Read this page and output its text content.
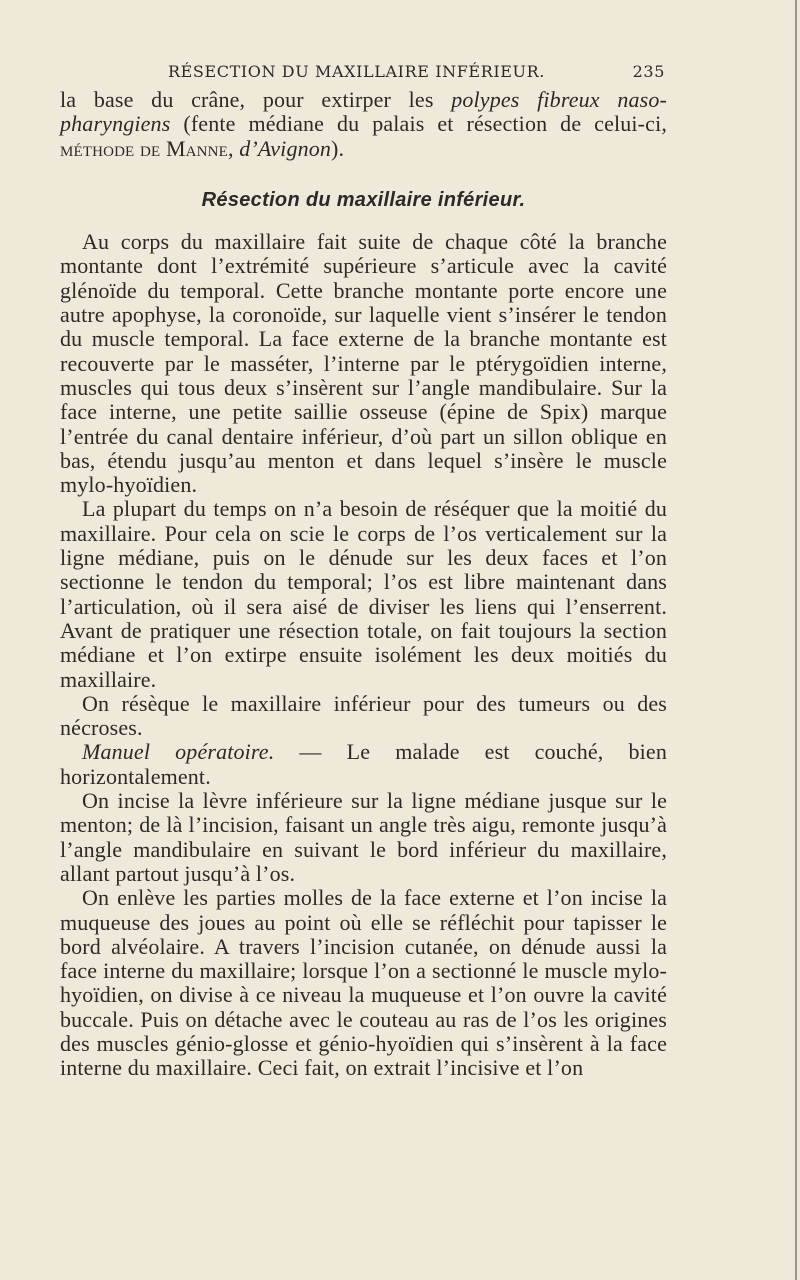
RÉSECTION DU MAXILLAIRE INFÉRIEUR.	235

la base du crâne, pour extirper les polypes fibreux naso-pharyngiens (fente médiane du palais et résection de celui-ci, méthode de Manne, d’Avignon).

Résection du maxillaire inférieur.

Au corps du maxillaire fait suite de chaque côté la branche montante dont l’extrémité supérieure s’articule avec la cavité glénoïde du temporal. Cette branche montante porte encore une autre apophyse, la coronoïde, sur laquelle vient s’insérer le tendon du muscle temporal. La face externe de la branche montante est recouverte par le masséter, l’interne par le ptérygoïdien interne, muscles qui tous deux s’insèrent sur l’angle mandibulaire. Sur la face interne, une petite saillie osseuse (épine de Spix) marque l’entrée du canal dentaire inférieur, d’où part un sillon oblique en bas, étendu jusqu’au menton et dans lequel s’insère le muscle mylo-hyoïdien.

La plupart du temps on n’a besoin de réséquer que la moitié du maxillaire. Pour cela on scie le corps de l’os verticalement sur la ligne médiane, puis on le dénude sur les deux faces et l’on sectionne le tendon du temporal; l’os est libre maintenant dans l’articulation, où il sera aisé de diviser les liens qui l’enserrent. Avant de pratiquer une résection totale, on fait toujours la section médiane et l’on extirpe ensuite isolément les deux moitiés du maxillaire.

On résèque le maxillaire inférieur pour des tumeurs ou des nécroses.

Manuel opératoire. — Le malade est couché, bien horizontalement.

On incise la lèvre inférieure sur la ligne médiane jusque sur le menton; de là l’incision, faisant un angle très aigu, remonte jusqu’à l’angle mandibulaire en suivant le bord inférieur du maxillaire, allant partout jusqu’à l’os.

On enlève les parties molles de la face externe et l’on incise la muqueuse des joues au point où elle se réfléchit pour tapisser le bord alvéolaire. A travers l’incision cutanée, on dénude aussi la face interne du maxillaire; lorsque l’on a sectionné le muscle mylo-hyoïdien, on divise à ce niveau la muqueuse et l’on ouvre la cavité buccale. Puis on détache avec le couteau au ras de l’os les origines des muscles génio-glosse et génio-hyoïdien qui s’insèrent à la face interne du maxillaire. Ceci fait, on extrait l’incisive et l’on
